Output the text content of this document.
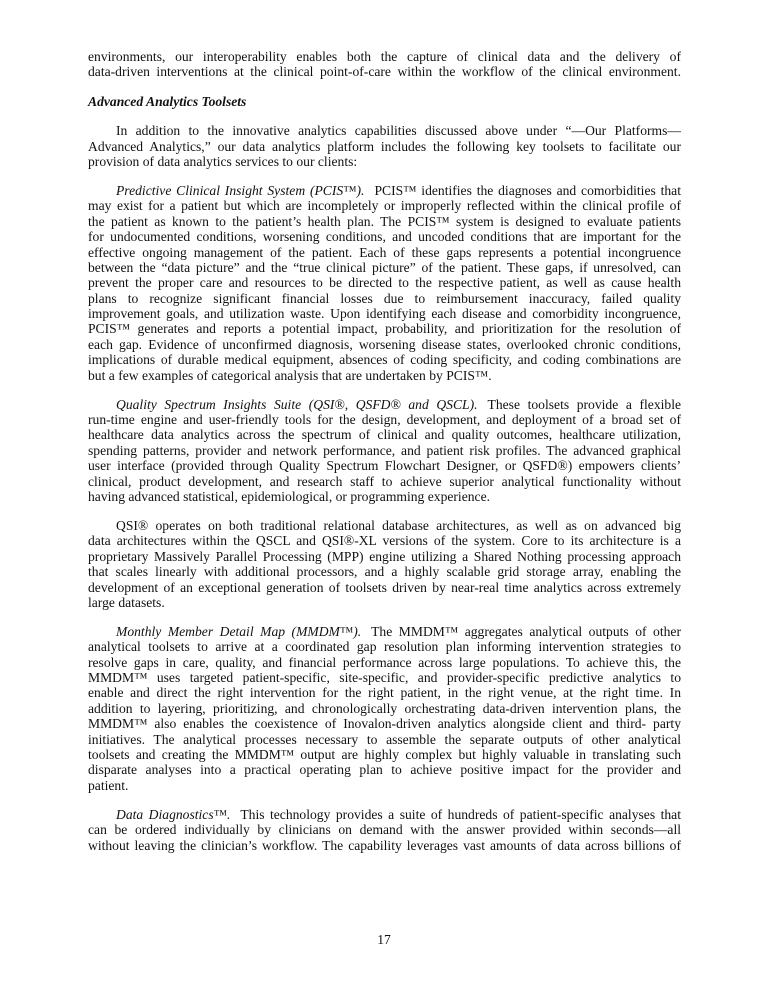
environments, our interoperability enables both the capture of clinical data and the delivery of
data-driven interventions at the clinical point-of-care within the workflow of the clinical environment.
Advanced Analytics Toolsets
In addition to the innovative analytics capabilities discussed above under “—Our Platforms—
Advanced Analytics,” our data analytics platform includes the following key toolsets to facilitate our
provision of data analytics services to our clients:
Predictive Clinical Insight System (PCIS™). PCIS™ identifies the diagnoses and comorbidities that
may exist for a patient but which are incompletely or improperly reflected within the clinical profile of
the patient as known to the patient’s health plan. The PCIS™ system is designed to evaluate patients
for undocumented conditions, worsening conditions, and uncoded conditions that are important for the
effective ongoing management of the patient. Each of these gaps represents a potential incongruence
between the “data picture” and the “true clinical picture” of the patient. These gaps, if unresolved, can
prevent the proper care and resources to be directed to the respective patient, as well as cause health
plans to recognize significant financial losses due to reimbursement inaccuracy, failed quality
improvement goals, and utilization waste. Upon identifying each disease and comorbidity incongruence,
PCIS™ generates and reports a potential impact, probability, and prioritization for the resolution of
each gap. Evidence of unconfirmed diagnosis, worsening disease states, overlooked chronic conditions,
implications of durable medical equipment, absences of coding specificity, and coding combinations are
but a few examples of categorical analysis that are undertaken by PCIS™.
Quality Spectrum Insights Suite (QSI®, QSFD® and QSCL). These toolsets provide a flexible
run-time engine and user-friendly tools for the design, development, and deployment of a broad set of
healthcare data analytics across the spectrum of clinical and quality outcomes, healthcare utilization,
spending patterns, provider and network performance, and patient risk profiles. The advanced graphical
user interface (provided through Quality Spectrum Flowchart Designer, or QSFD®) empowers clients’
clinical, product development, and research staff to achieve superior analytical functionality without
having advanced statistical, epidemiological, or programming experience.
QSI® operates on both traditional relational database architectures, as well as on advanced big
data architectures within the QSCL and QSI®-XL versions of the system. Core to its architecture is a
proprietary Massively Parallel Processing (MPP) engine utilizing a Shared Nothing processing approach
that scales linearly with additional processors, and a highly scalable grid storage array, enabling the
development of an exceptional generation of toolsets driven by near-real time analytics across extremely
large datasets.
Monthly Member Detail Map (MMDM™). The MMDM™ aggregates analytical outputs of other
analytical toolsets to arrive at a coordinated gap resolution plan informing intervention strategies to
resolve gaps in care, quality, and financial performance across large populations. To achieve this, the
MMDM™ uses targeted patient-specific, site-specific, and provider-specific predictive analytics to
enable and direct the right intervention for the right patient, in the right venue, at the right time. In
addition to layering, prioritizing, and chronologically orchestrating data-driven intervention plans, the
MMDM™ also enables the coexistence of Inovalon-driven analytics alongside client and third- party
initiatives. The analytical processes necessary to assemble the separate outputs of other analytical
toolsets and creating the MMDM™ output are highly complex but highly valuable in translating such
disparate analyses into a practical operating plan to achieve positive impact for the provider and
patient.
Data Diagnostics™. This technology provides a suite of hundreds of patient-specific analyses that
can be ordered individually by clinicians on demand with the answer provided within seconds—all
without leaving the clinician’s workflow. The capability leverages vast amounts of data across billions of
17
